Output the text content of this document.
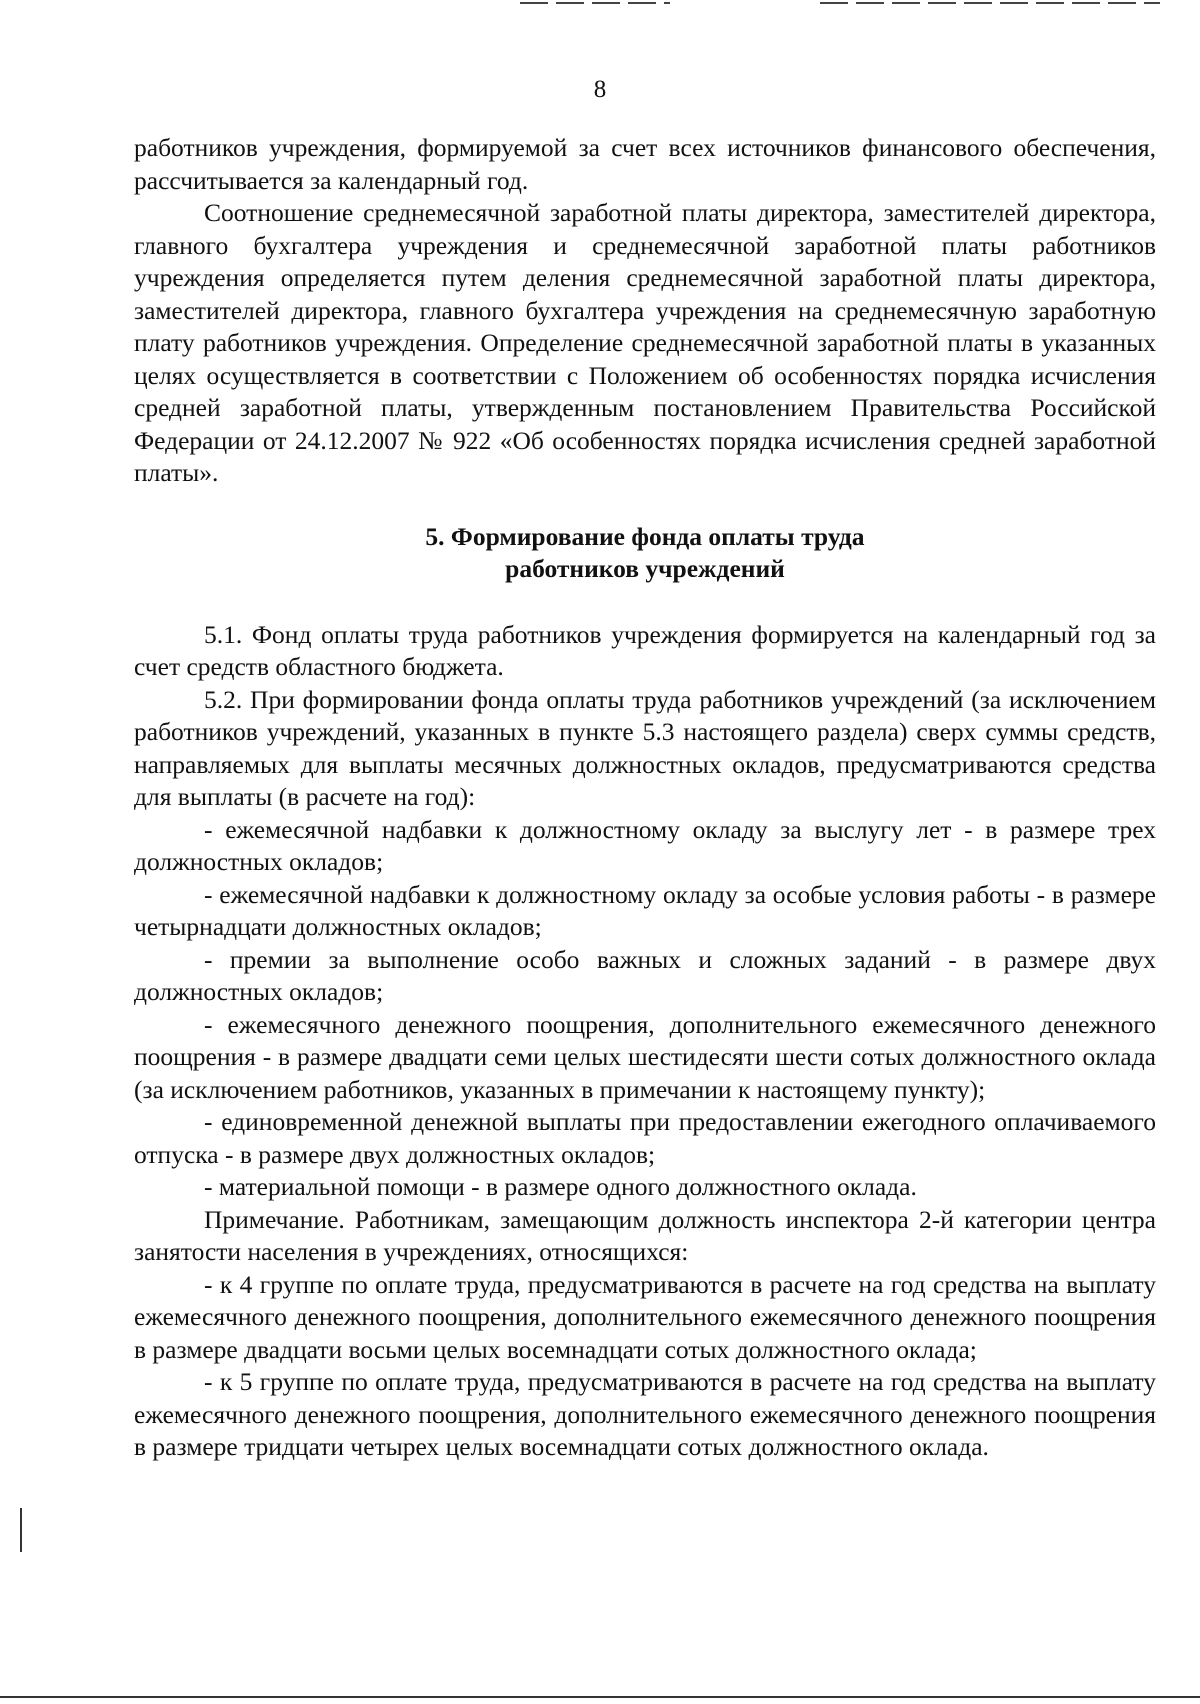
8

работников учреждения, формируемой за счет всех источников финансового обеспечения, рассчитывается за календарный год.

Соотношение среднемесячной заработной платы директора, заместителей директора, главного бухгалтера учреждения и среднемесячной заработной платы работников учреждения определяется путем деления среднемесячной заработной платы директора, заместителей директора, главного бухгалтера учреждения на среднемесячную заработную плату работников учреждения. Определение среднемесячной заработной платы в указанных целях осуществляется в соответствии с Положением об особенностях порядка исчисления средней заработной платы, утвержденным постановлением Правительства Российской Федерации от 24.12.2007 № 922 «Об особенностях порядка исчисления средней заработной платы».

5. Формирование фонда оплаты труда
работников учреждений

5.1. Фонд оплаты труда работников учреждения формируется на календарный год за счет средств областного бюджета.

5.2. При формировании фонда оплаты труда работников учреждений (за исключением работников учреждений, указанных в пункте 5.3 настоящего раздела) сверх суммы средств, направляемых для выплаты месячных должностных окладов, предусматриваются средства для выплаты (в расчете на год):

- ежемесячной надбавки к должностному окладу за выслугу лет - в размере трех должностных окладов;

- ежемесячной надбавки к должностному окладу за особые условия работы - в размере четырнадцати должностных окладов;

- премии за выполнение особо важных и сложных заданий - в размере двух должностных окладов;

- ежемесячного денежного поощрения, дополнительного ежемесячного денежного поощрения - в размере двадцати семи целых шестидесяти шести сотых должностного оклада (за исключением работников, указанных в примечании к настоящему пункту);

- единовременной денежной выплаты при предоставлении ежегодного оплачиваемого отпуска - в размере двух должностных окладов;

- материальной помощи - в размере одного должностного оклада.

Примечание. Работникам, замещающим должность инспектора 2-й категории центра занятости населения в учреждениях, относящихся:

- к 4 группе по оплате труда, предусматриваются в расчете на год средства на выплату ежемесячного денежного поощрения, дополнительного ежемесячного денежного поощрения в размере двадцати восьми целых восемнадцати сотых должностного оклада;

- к 5 группе по оплате труда, предусматриваются в расчете на год средства на выплату ежемесячного денежного поощрения, дополнительного ежемесячного денежного поощрения в размере тридцати четырех целых восемнадцати сотых должностного оклада.
